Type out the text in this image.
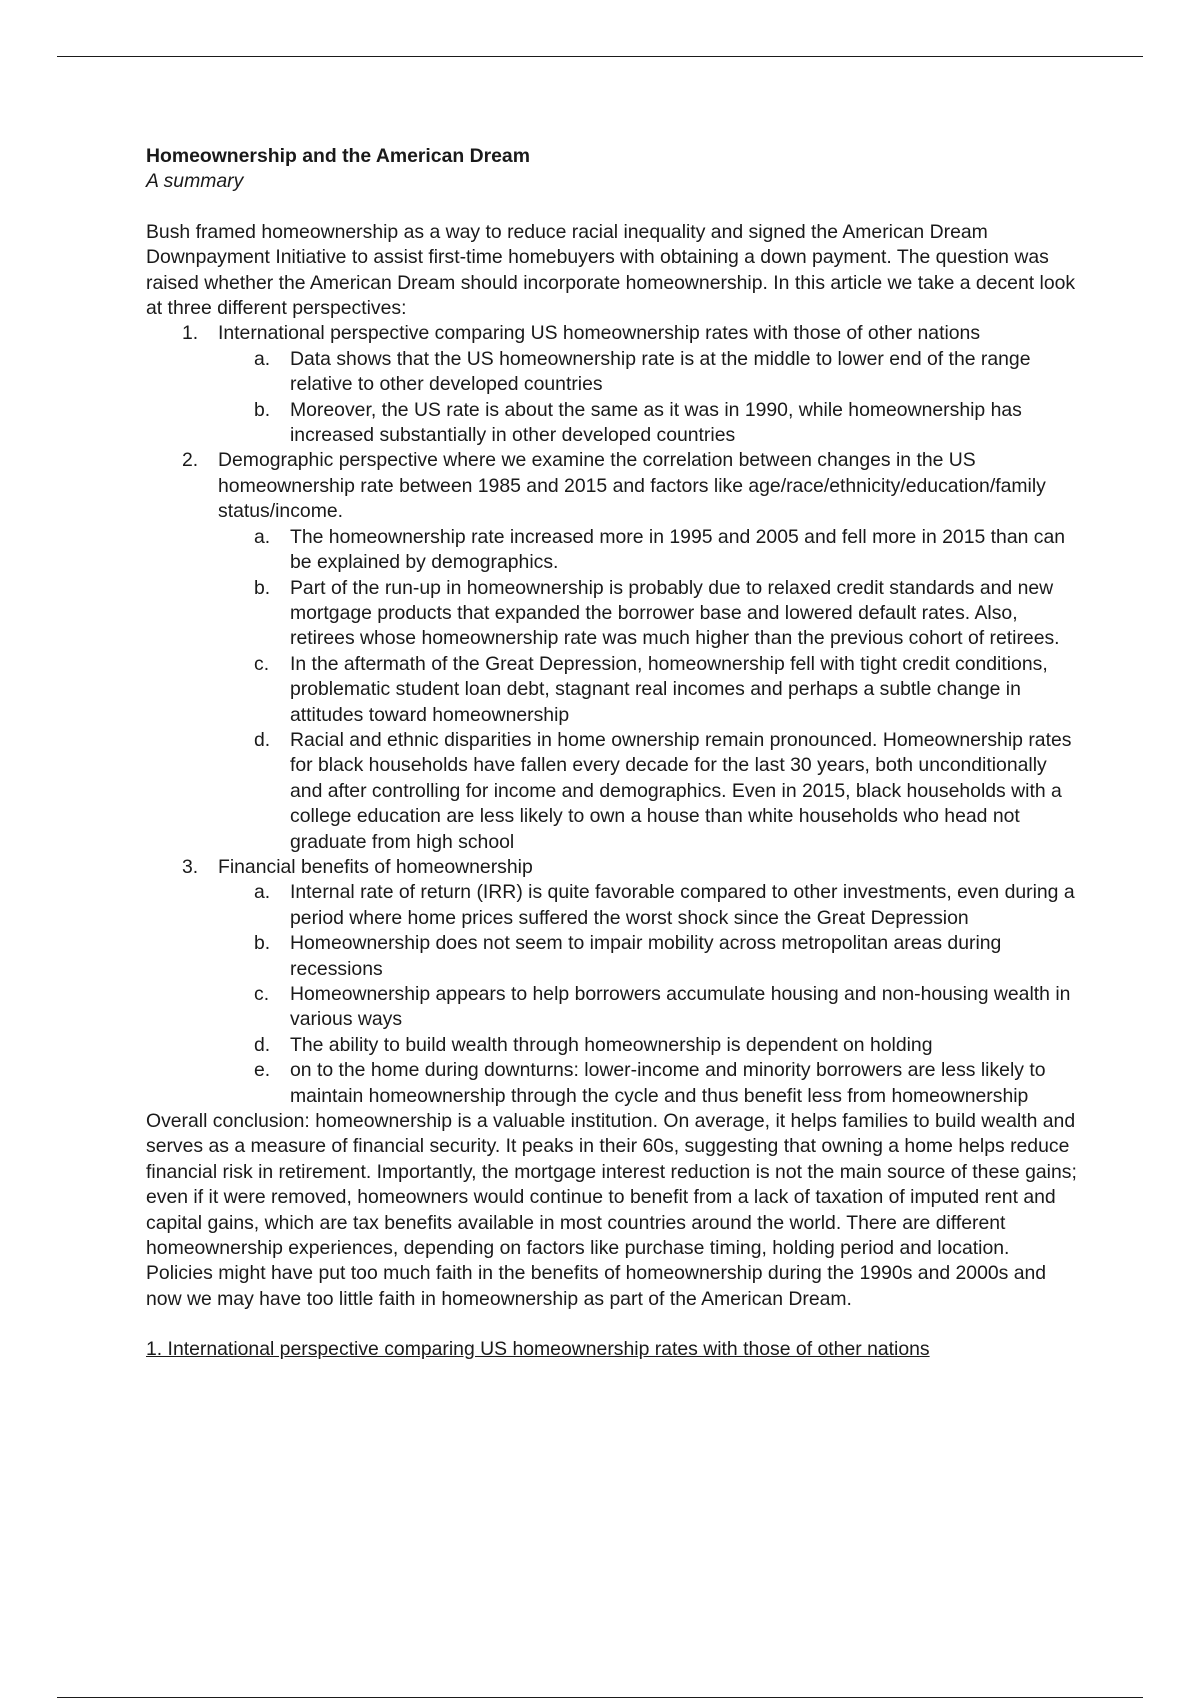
Homeownership and the American Dream
A summary

Bush framed homeownership as a way to reduce racial inequality and signed the American Dream Downpayment Initiative to assist first-time homebuyers with obtaining a down payment. The question was raised whether the American Dream should incorporate homeownership. In this article we take a decent look at three different perspectives:

1. International perspective comparing US homeownership rates with those of other nations
a. Data shows that the US homeownership rate is at the middle to lower end of the range relative to other developed countries
b. Moreover, the US rate is about the same as it was in 1990, while homeownership has increased substantially in other developed countries
2. Demographic perspective where we examine the correlation between changes in the US homeownership rate between 1985 and 2015 and factors like age/race/ethnicity/education/family status/income.
a. The homeownership rate increased more in 1995 and 2005 and fell more in 2015 than can be explained by demographics.
b. Part of the run-up in homeownership is probably due to relaxed credit standards and new mortgage products that expanded the borrower base and lowered default rates. Also, retirees whose homeownership rate was much higher than the previous cohort of retirees.
c. In the aftermath of the Great Depression, homeownership fell with tight credit conditions, problematic student loan debt, stagnant real incomes and perhaps a subtle change in attitudes toward homeownership
d. Racial and ethnic disparities in home ownership remain pronounced. Homeownership rates for black households have fallen every decade for the last 30 years, both unconditionally and after controlling for income and demographics. Even in 2015, black households with a college education are less likely to own a house than white households who head not graduate from high school
3. Financial benefits of homeownership
a. Internal rate of return (IRR) is quite favorable compared to other investments, even during a period where home prices suffered the worst shock since the Great Depression
b. Homeownership does not seem to impair mobility across metropolitan areas during recessions
c. Homeownership appears to help borrowers accumulate housing and non-housing wealth in various ways
d. The ability to build wealth through homeownership is dependent on holding
e. on to the home during downturns: lower-income and minority borrowers are less likely to maintain homeownership through the cycle and thus benefit less from homeownership

Overall conclusion: homeownership is a valuable institution. On average, it helps families to build wealth and serves as a measure of financial security. It peaks in their 60s, suggesting that owning a home helps reduce financial risk in retirement. Importantly, the mortgage interest reduction is not the main source of these gains; even if it were removed, homeowners would continue to benefit from a lack of taxation of imputed rent and capital gains, which are tax benefits available in most countries around the world. There are different homeownership experiences, depending on factors like purchase timing, holding period and location. Policies might have put too much faith in the benefits of homeownership during the 1990s and 2000s and now we may have too little faith in homeownership as part of the American Dream.

1. International perspective comparing US homeownership rates with those of other nations
